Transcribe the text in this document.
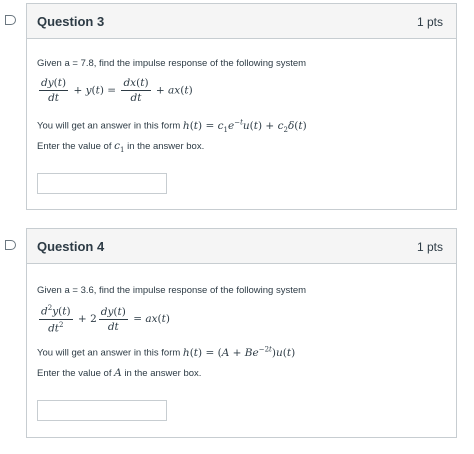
Question 3	1 pts
Given a = 7.8, find the impulse response of the following system
$\frac{dy(t)}{dt} + y(t) = \frac{dx(t)}{dt} + ax(t)$
You will get an answer in this form $h(t) = c_1e^{-t}u(t) + c_2\delta(t)$
Enter the value of $c_1$ in the answer box.
Question 4	1 pts
Given a = 3.6, find the impulse response of the following system
$\frac{d^2y(t)}{dt^2} + 2 \frac{dy(t)}{dt} = ax(t)$
You will get an answer in this form $h(t) = (A + Be^{-2t})u(t)$
Enter the value of A in the answer box.
